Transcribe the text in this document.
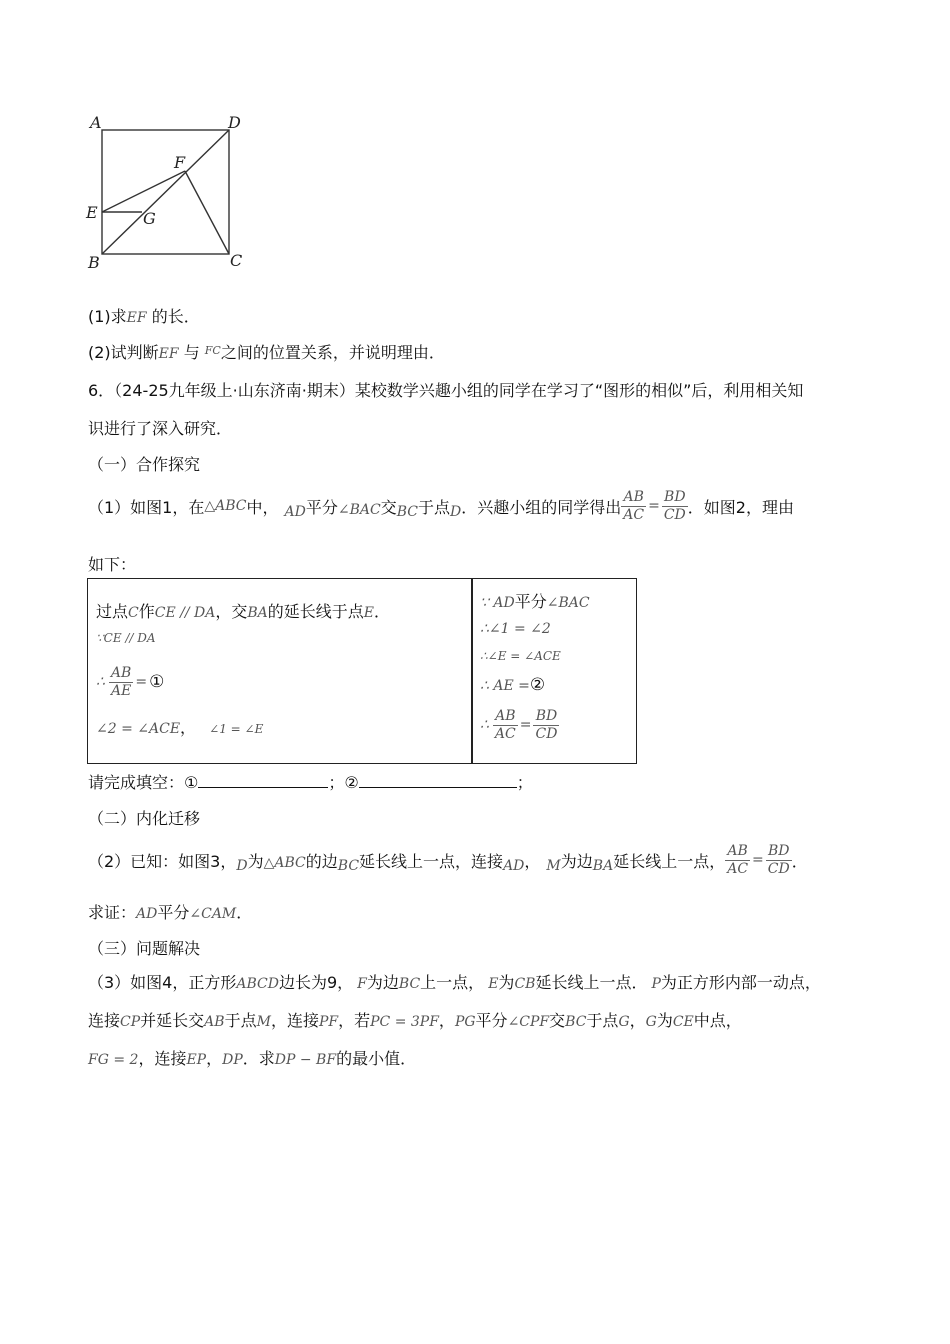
A	D
F
E	G
B	C
(1)求EF 的长．
(2)试判断EF 与 $^{FC}$之间的位置关系，并说明理由．
6．（24-25九年级上·山东济南·期末）某校数学兴趣小组的同学在学习了“图形的相似”后，利用相关知
识进行了深入研究．
（一）合作探究
（1）如图1，在 △ABC 中， AD 平分 ∠BAC 交 BC 于点 D ．兴趣小组的同学得出 $\frac{AB}{AC} = \frac{BD}{CD}$ ．如图2，理由
如下：
过点C作CE // DA，交BA的延长线于点E．
∵CE // DA
∴ $\frac{AB}{AE}$ = ①
∠2 = ∠ACE， ∠1 = ∠E
∵ AD平分∠BAC
∴∠1 = ∠2
∴∠E = ∠ACE
∴ AE =②
∴ $\frac{AB}{AC} = \frac{BD}{CD}$
请完成填空：①	；②	；
（二）内化迁移
（2）已知：如图3， D 为 △ABC 的边 BC 延长线上一点，连接 AD ， M 为边 BA 延长线上一点， $\frac{AB}{AC} = \frac{BD}{CD}$ ．
求证：AD平分∠CAM．
（三）问题解决
（3）如图4，正方形ABCD边长为9， F为边BC上一点， E为CB延长线上一点． P为正方形内部一动点，
连接CP并延长交AB于点M，连接PF，若PC = 3PF，PG平分∠CPF交BC于点G，G为CE中点，
FG = 2，连接EP，DP．求DP − BF的最小值．
